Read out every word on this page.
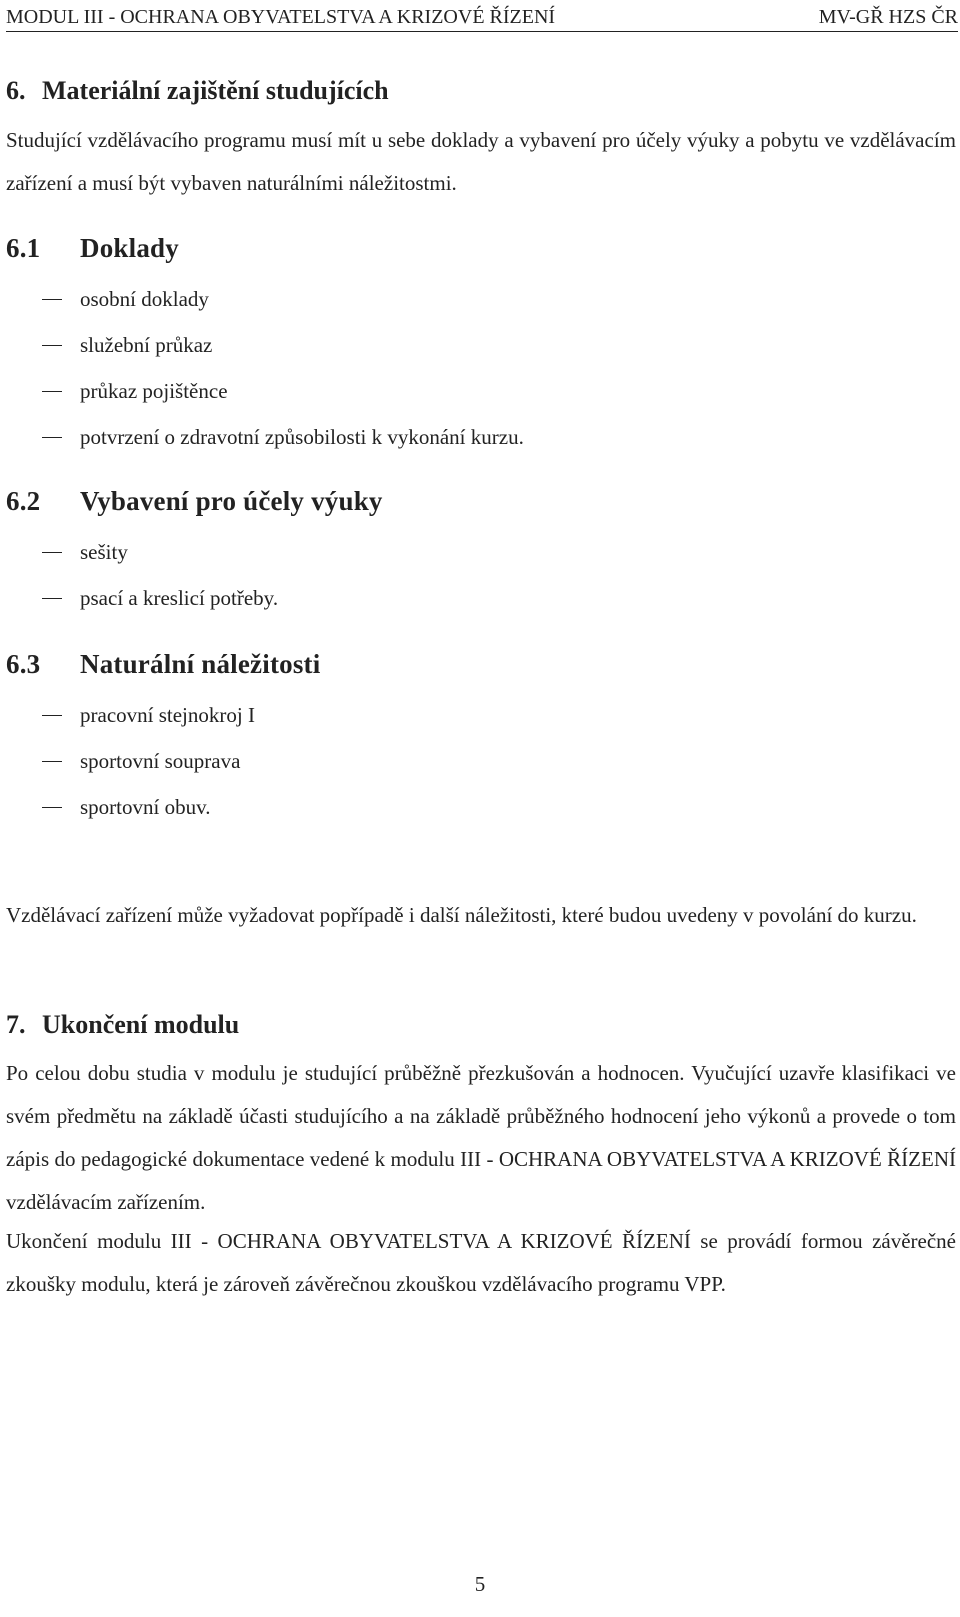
MODUL III - OCHRANA OBYVATELSTVA A KRIZOVÉ ŘÍZENÍ	MV-GŘ HZS ČR
6. Materiální zajištění studujících

Studující vzdělávacího programu musí mít u sebe doklady a vybavení pro účely výuky a pobytu ve vzdělávacím zařízení a musí být vybaven naturálními náležitostmi.

6.1 Doklady
osobní doklady
služební průkaz
průkaz pojištěnce
potvrzení o zdravotní způsobilosti k vykonání kurzu.
6.2 Vybavení pro účely výuky
sešity
psací a kreslicí potřeby.
6.3 Naturální náležitosti
pracovní stejnokroj I
sportovní souprava
sportovní obuv.

Vzdělávací zařízení může vyžadovat popřípadě i další náležitosti, které budou uvedeny v povolání do kurzu.

7. Ukončení modulu

Po celou dobu studia v modulu je studující průběžně přezkušován a hodnocen. Vyučující uzavře klasifikaci ve svém předmětu na základě účasti studujícího a na základě průběžného hodnocení jeho výkonů a provede o tom zápis do pedagogické dokumentace vedené k modulu III - OCHRANA OBYVATELSTVA A KRIZOVÉ ŘÍZENÍ vzdělávacím zařízením.

Ukončení modulu III - OCHRANA OBYVATELSTVA A KRIZOVÉ ŘÍZENÍ se provádí formou závěrečné zkoušky modulu, která je zároveň závěrečnou zkouškou vzdělávacího programu VPP.

5
